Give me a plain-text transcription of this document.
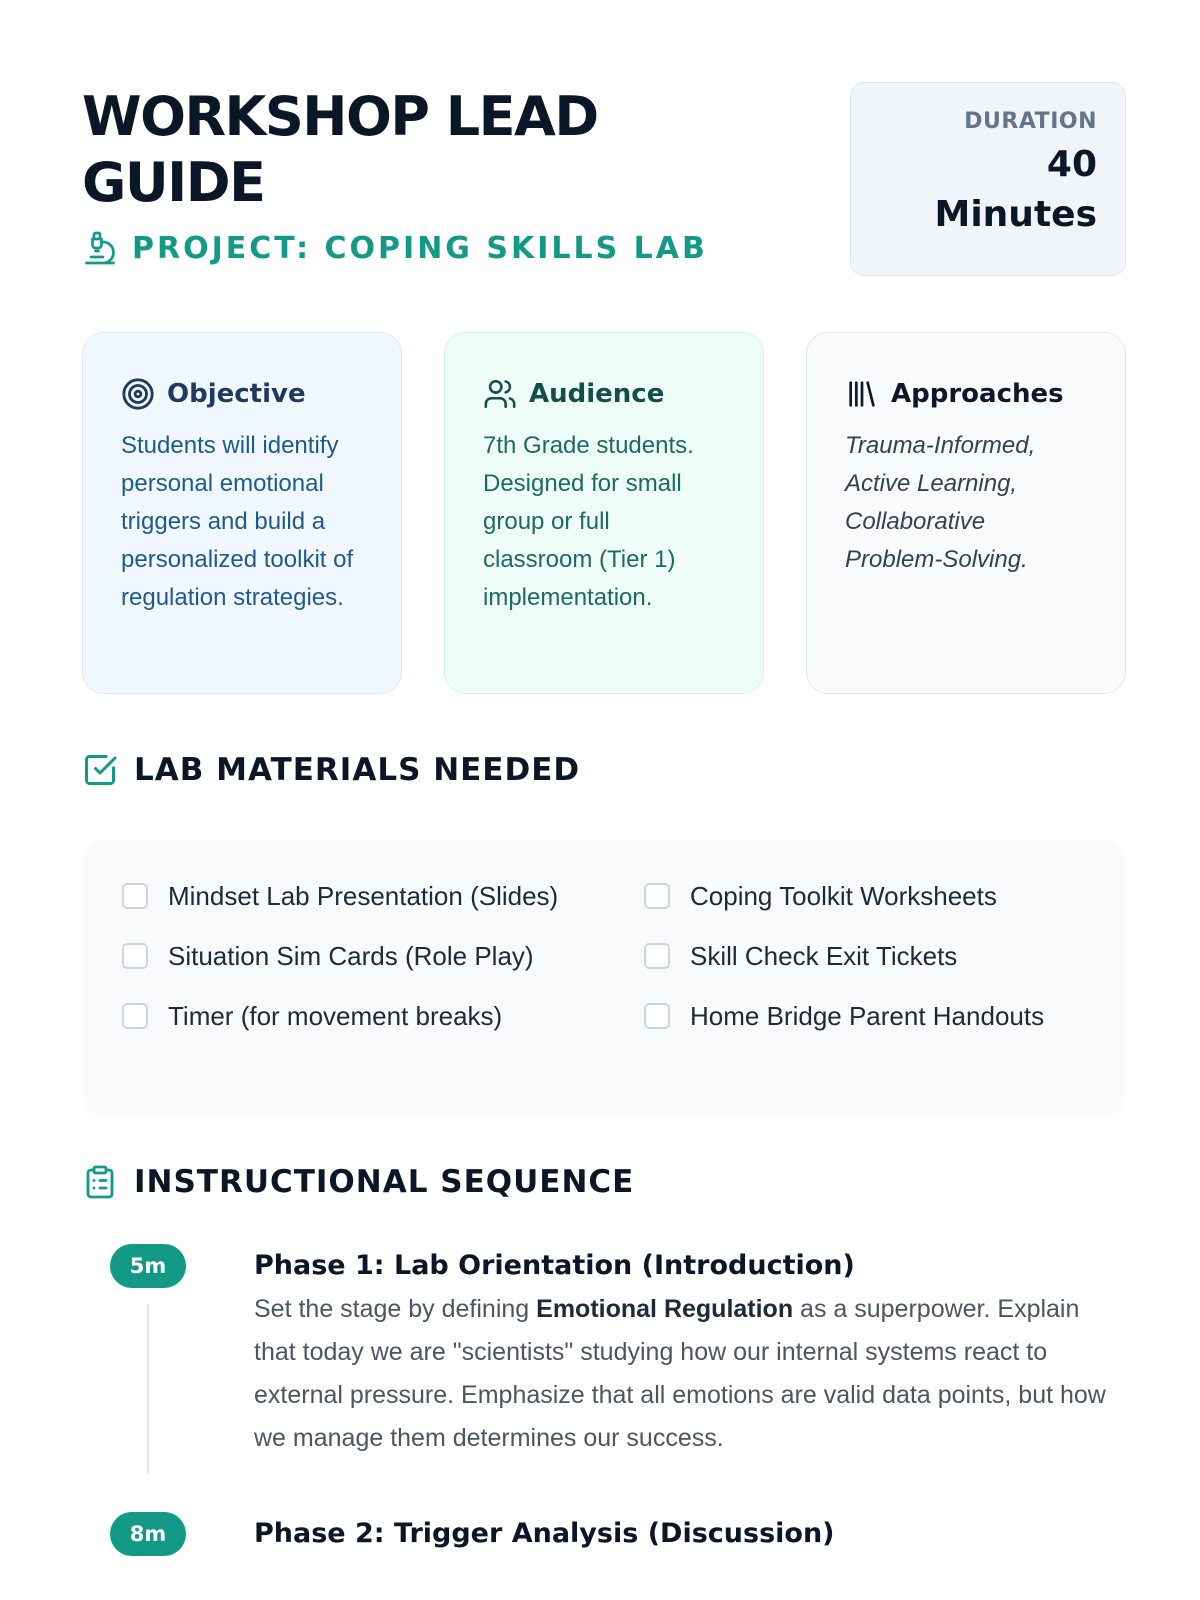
WORKSHOP LEAD GUIDE
PROJECT: COPING SKILLS LAB
DURATION
40 Minutes
Objective

Students will identify personal emotional triggers and build a personalized toolkit of regulation strategies.

Audience

7th Grade students. Designed for small group or full classroom (Tier 1) implementation.

Approaches

Trauma-Informed, Active Learning, Collaborative Problem-Solving.

LAB MATERIALS NEEDED
Mindset Lab Presentation (Slides)	Coping Toolkit Worksheets
Situation Sim Cards (Role Play)	Skill Check Exit Tickets
Timer (for movement breaks)	Home Bridge Parent Handouts
INSTRUCTIONAL SEQUENCE
5m	Phase 1: Lab Orientation (Introduction)

Set the stage by defining Emotional Regulation as a superpower. Explain that today we are "scientists" studying how our internal systems react to external pressure. Emphasize that all emotions are valid data points, but how we manage them determines our success.

8m	Phase 2: Trigger Analysis (Discussion)
